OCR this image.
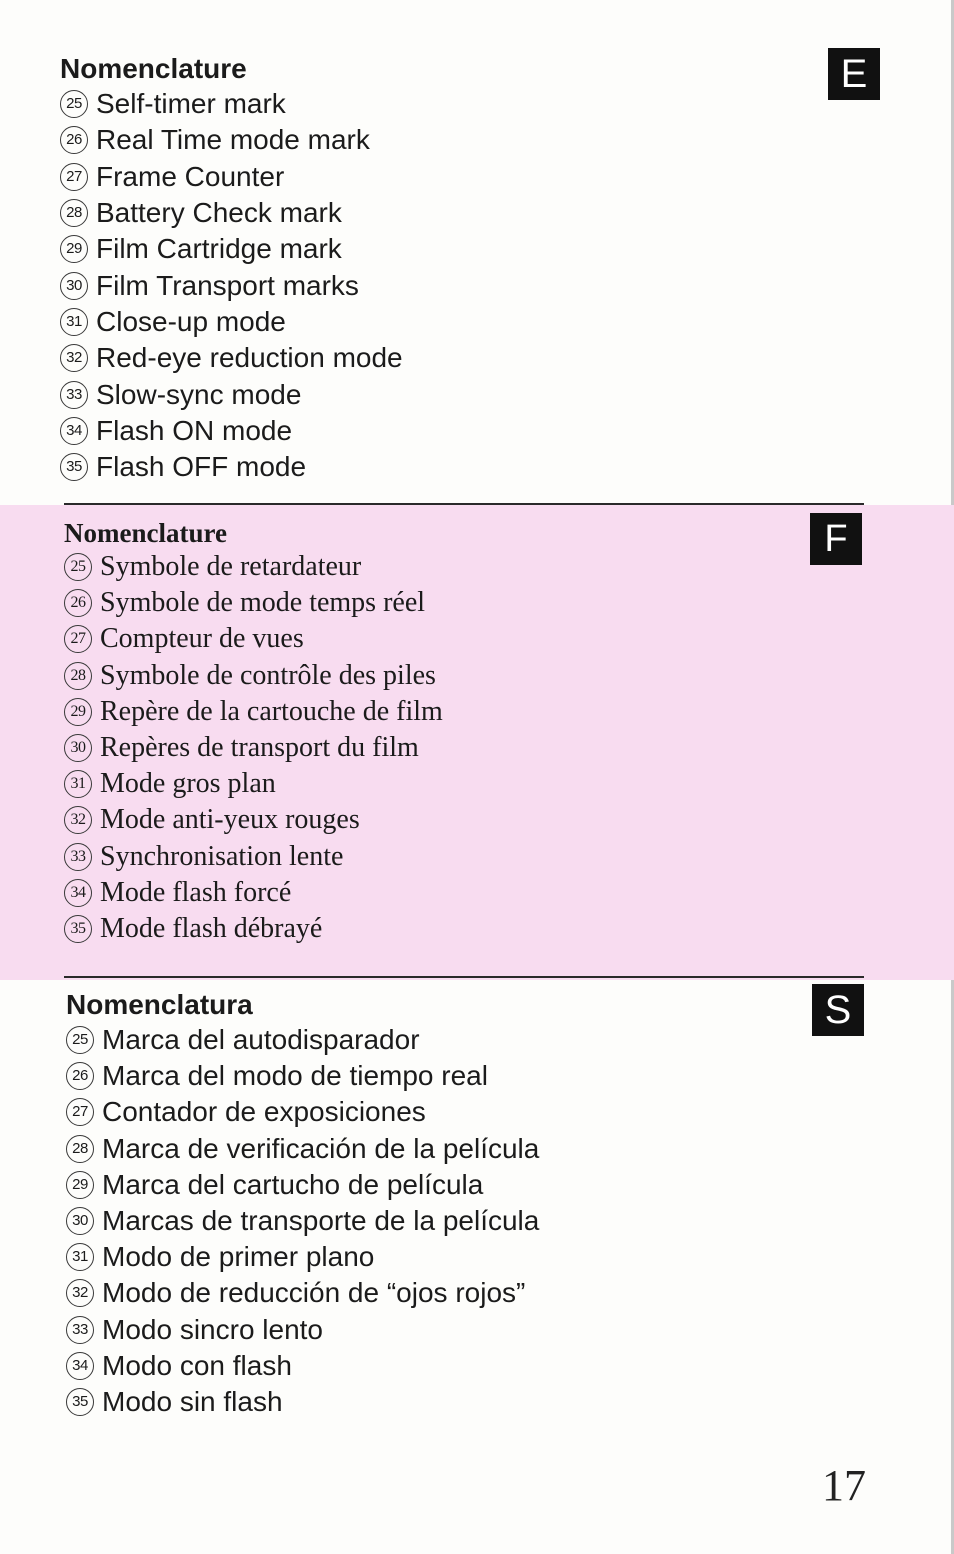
Nomenclature
25 Self-timer mark
26 Real Time mode mark
27 Frame Counter
28 Battery Check mark
29 Film Cartridge mark
30 Film Transport marks
31 Close-up mode
32 Red-eye reduction mode
33 Slow-sync mode
34 Flash ON mode
35 Flash OFF mode
E
Nomenclature
25 Symbole de retardateur
26 Symbole de mode temps réel
27 Compteur de vues
28 Symbole de contrôle des piles
29 Repère de la cartouche de film
30 Repères de transport du film
31 Mode gros plan
32 Mode anti-yeux rouges
33 Synchronisation lente
34 Mode flash forcé
35 Mode flash débrayé
F
Nomenclatura
25 Marca del autodisparador
26 Marca del modo de tiempo real
27 Contador de exposiciones
28 Marca de verificación de la película
29 Marca del cartucho de película
30 Marcas de transporte de la película
31 Modo de primer plano
32 Modo de reducción de “ojos rojos”
33 Modo sincro lento
34 Modo con flash
35 Modo sin flash
S
17
